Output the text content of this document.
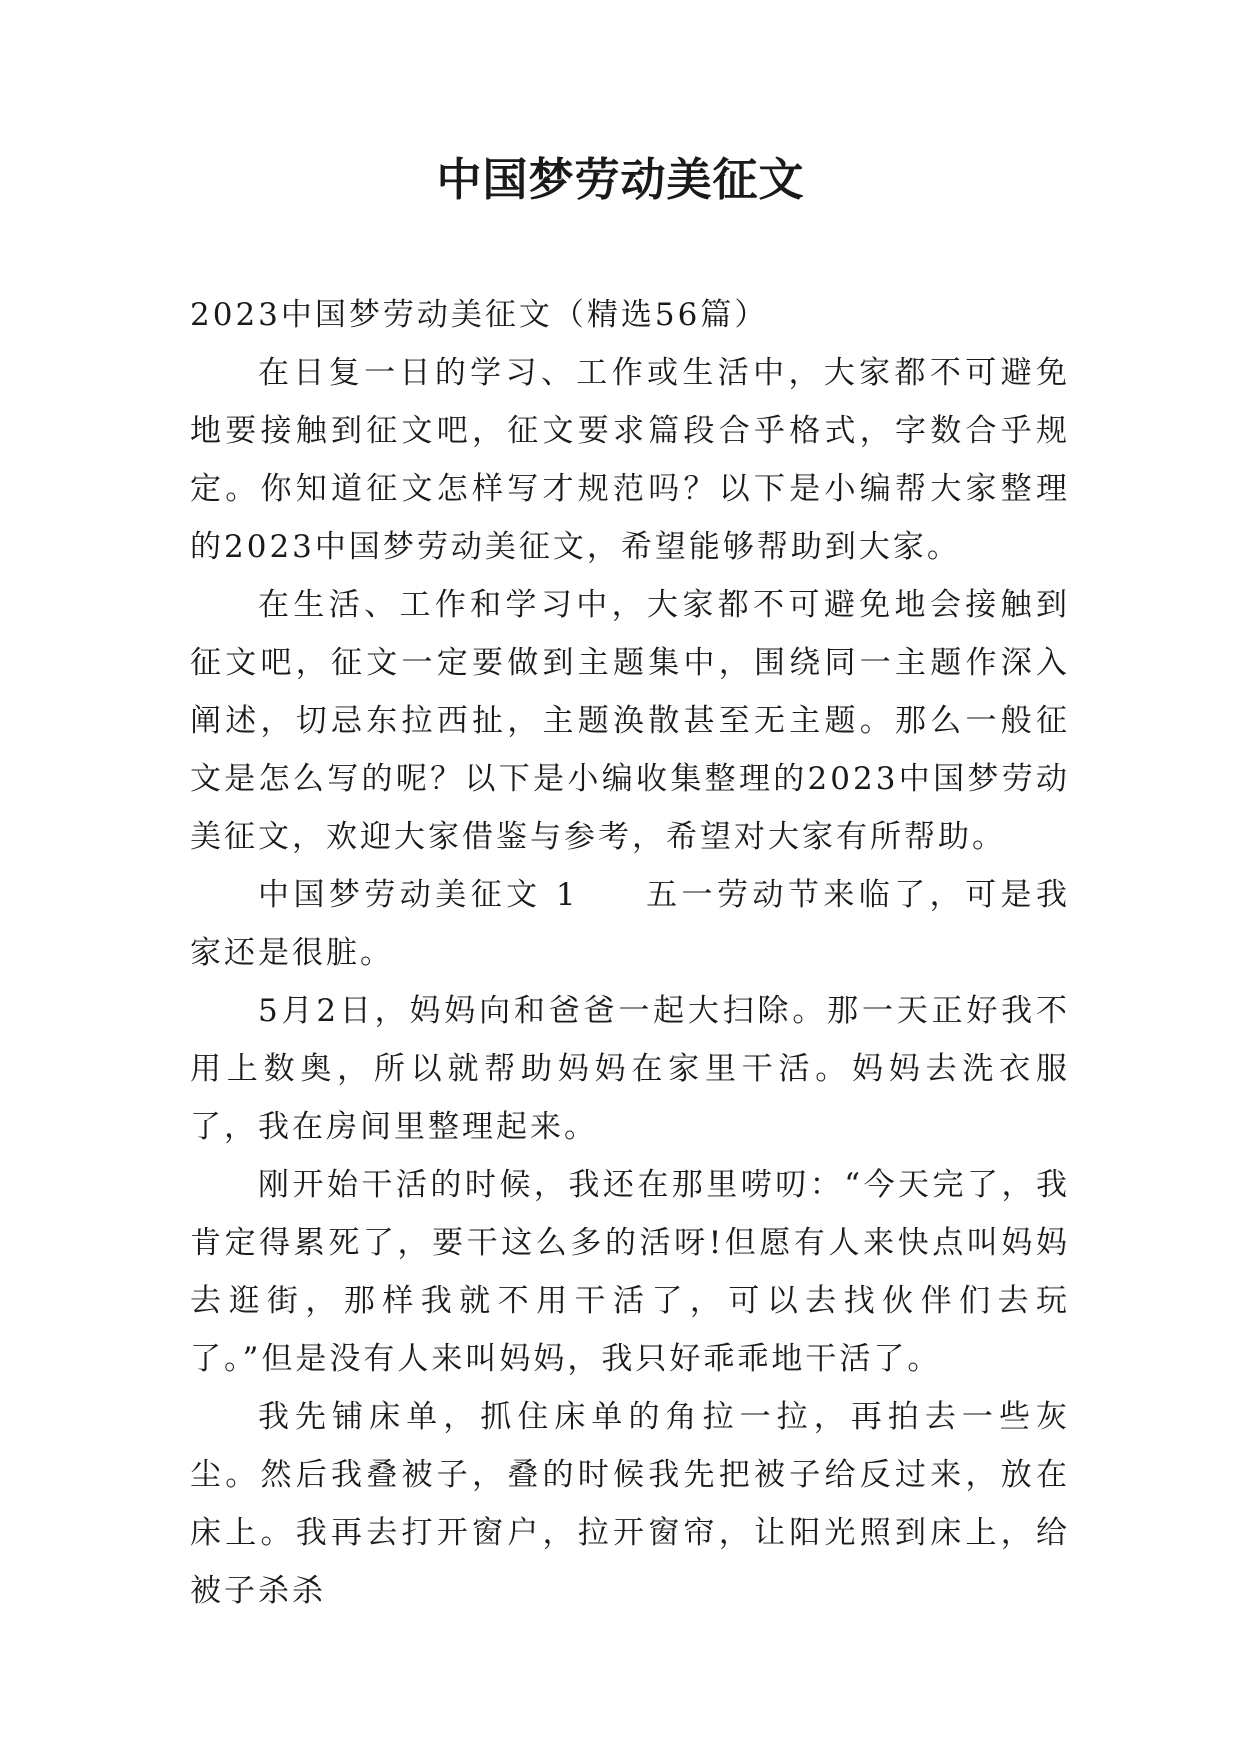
中国梦劳动美征文

2023中国梦劳动美征文（精选56篇）

在日复一日的学习、工作或生活中，大家都不可避免地要接触到征文吧，征文要求篇段合乎格式，字数合乎规定。你知道征文怎样写才规范吗？以下是小编帮大家整理的2023中国梦劳动美征文，希望能够帮助到大家。

在生活、工作和学习中，大家都不可避免地会接触到征文吧，征文一定要做到主题集中，围绕同一主题作深入阐述，切忌东拉西扯，主题涣散甚至无主题。那么一般征文是怎么写的呢？以下是小编收集整理的2023中国梦劳动美征文，欢迎大家借鉴与参考，希望对大家有所帮助。

中国梦劳动美征文 1 五一劳动节来临了，可是我家还是很脏。

5月2日，妈妈向和爸爸一起大扫除。那一天正好我不用上数奥，所以就帮助妈妈在家里干活。妈妈去洗衣服了，我在房间里整理起来。

刚开始干活的时候，我还在那里唠叨：“今天完了，我肯定得累死了，要干这么多的活呀!但愿有人来快点叫妈妈去逛街，那样我就不用干活了，可以去找伙伴们去玩了。”但是没有人来叫妈妈，我只好乖乖地干活了。

我先铺床单，抓住床单的角拉一拉，再拍去一些灰尘。然后我叠被子，叠的时候我先把被子给反过来，放在床上。我再去打开窗户，拉开窗帘，让阳光照到床上，给被子杀杀
